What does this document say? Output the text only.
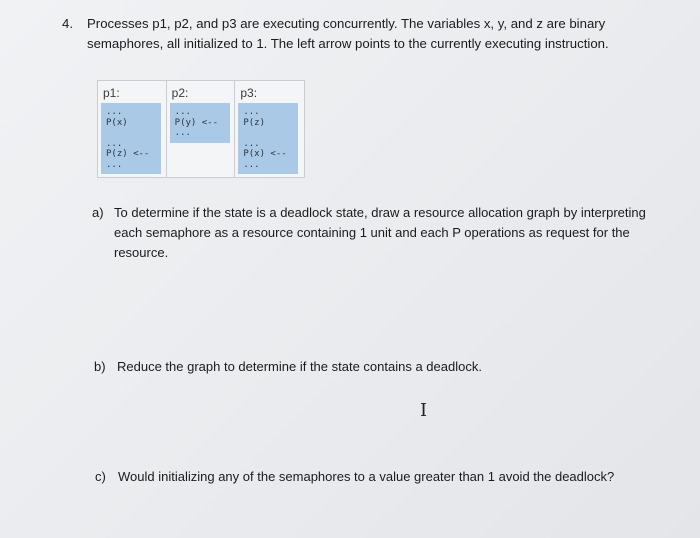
4. Processes p1, p2, and p3 are executing concurrently. The variables x, y, and z are binary semaphores, all initialized to 1. The left arrow points to the currently executing instruction.
p1:
...
P(x)
...
P(z) <--
...
p2:
...
P(y) <--
...
p3:
...
P(z)
...
P(x) <--
...
a) To determine if the state is a deadlock state, draw a resource allocation graph by interpreting each semaphore as a resource containing 1 unit and each P operations as request for the resource.
b) Reduce the graph to determine if the state contains a deadlock.
I
c) Would initializing any of the semaphores to a value greater than 1 avoid the deadlock?
